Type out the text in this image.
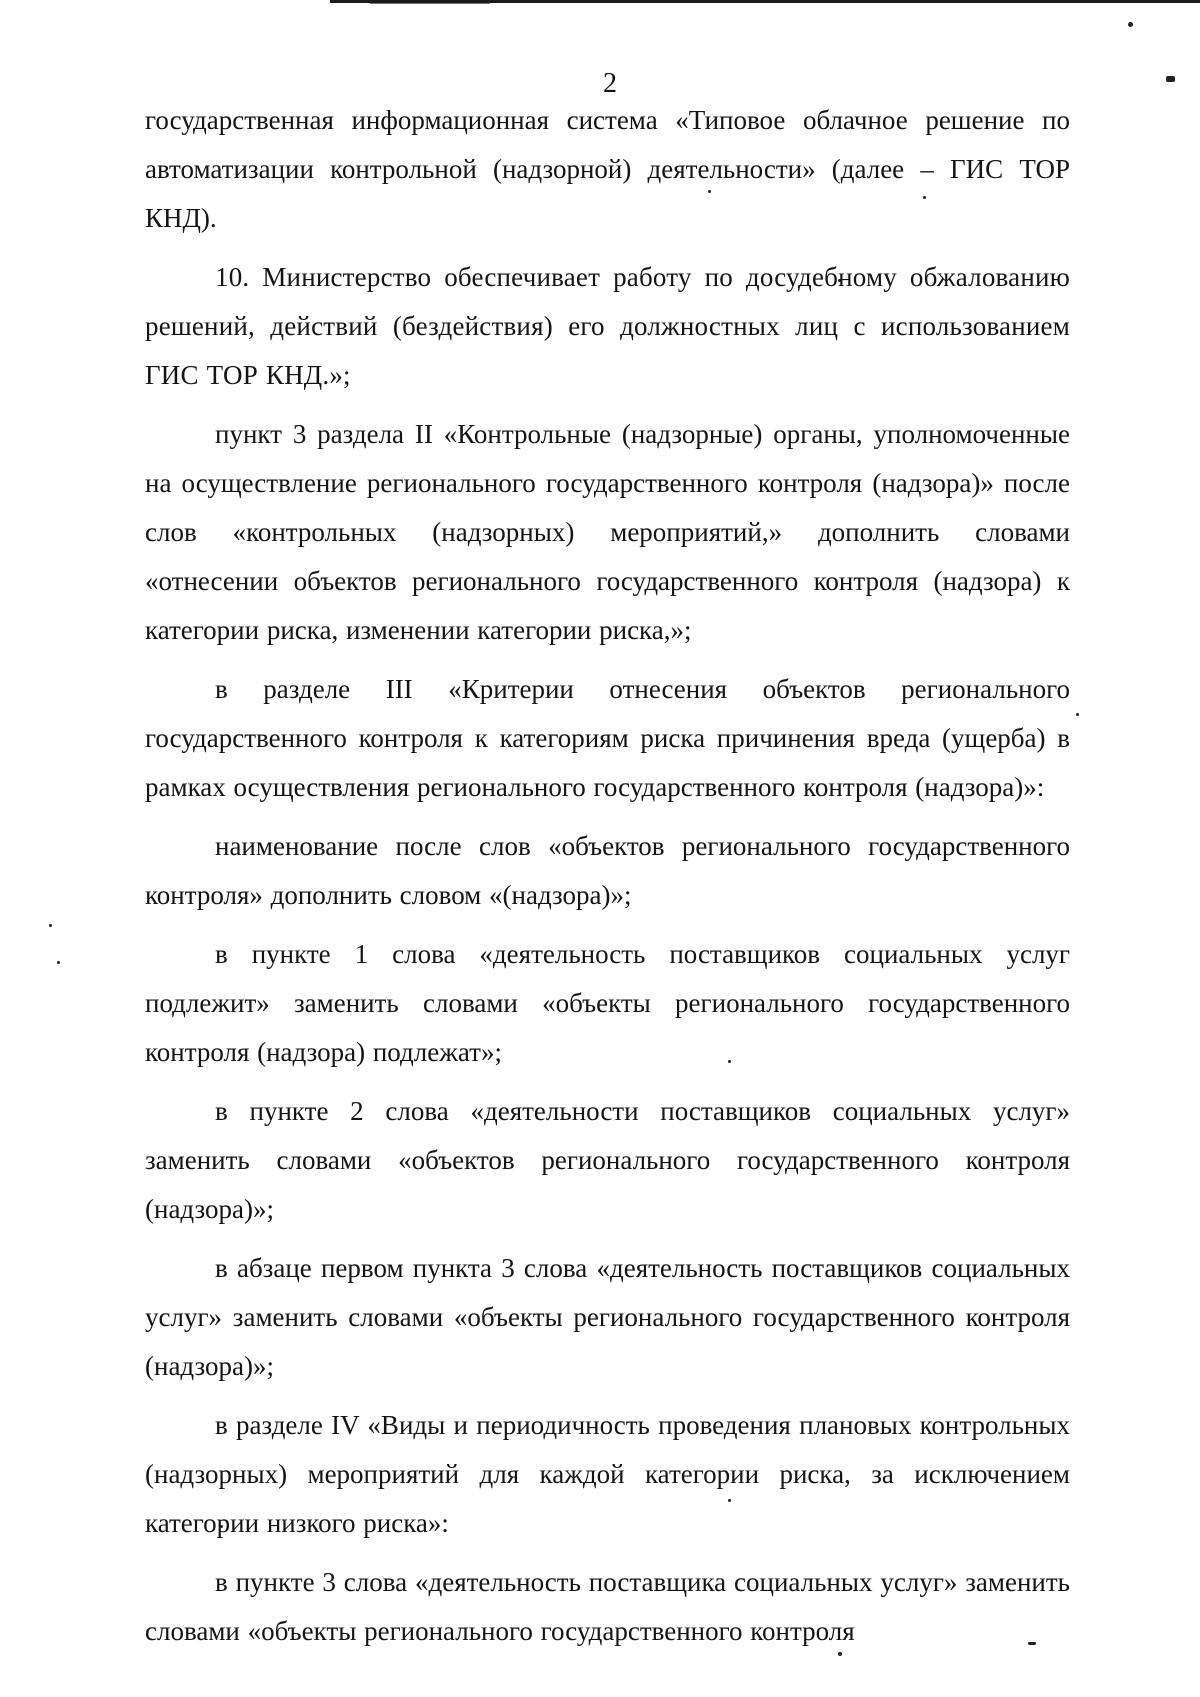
2

государственная информационная система «Типовое облачное решение по автоматизации контрольной (надзорной) деятельности» (далее – ГИС ТОР КНД).

10. Министерство обеспечивает работу по досудебному обжалованию решений, действий (бездействия) его должностных лиц с использованием ГИС ТОР КНД.»;

пункт 3 раздела II «Контрольные (надзорные) органы, уполномоченные на осуществление регионального государственного контроля (надзора)» после слов «контрольных (надзорных) мероприятий,» дополнить словами «отнесении объектов регионального государственного контроля (надзора) к категории риска, изменении категории риска,»;

в разделе III «Критерии отнесения объектов регионального государственного контроля к категориям риска причинения вреда (ущерба) в рамках осуществления регионального государственного контроля (надзора)»:

наименование после слов «объектов регионального государственного контроля» дополнить словом «(надзора)»;

в пункте 1 слова «деятельность поставщиков социальных услуг подлежит» заменить словами «объекты регионального государственного контроля (надзора) подлежат»;

в пункте 2 слова «деятельности поставщиков социальных услуг» заменить словами «объектов регионального государственного контроля (надзора)»;

в абзаце первом пункта 3 слова «деятельность поставщиков социальных услуг» заменить словами «объекты регионального государственного контроля (надзора)»;

в разделе IV «Виды и периодичность проведения плановых контрольных (надзорных) мероприятий для каждой категории риска, за исключением категории низкого риска»:

в пункте 3 слова «деятельность поставщика социальных услуг» заменить словами «объекты регионального государственного контроля
